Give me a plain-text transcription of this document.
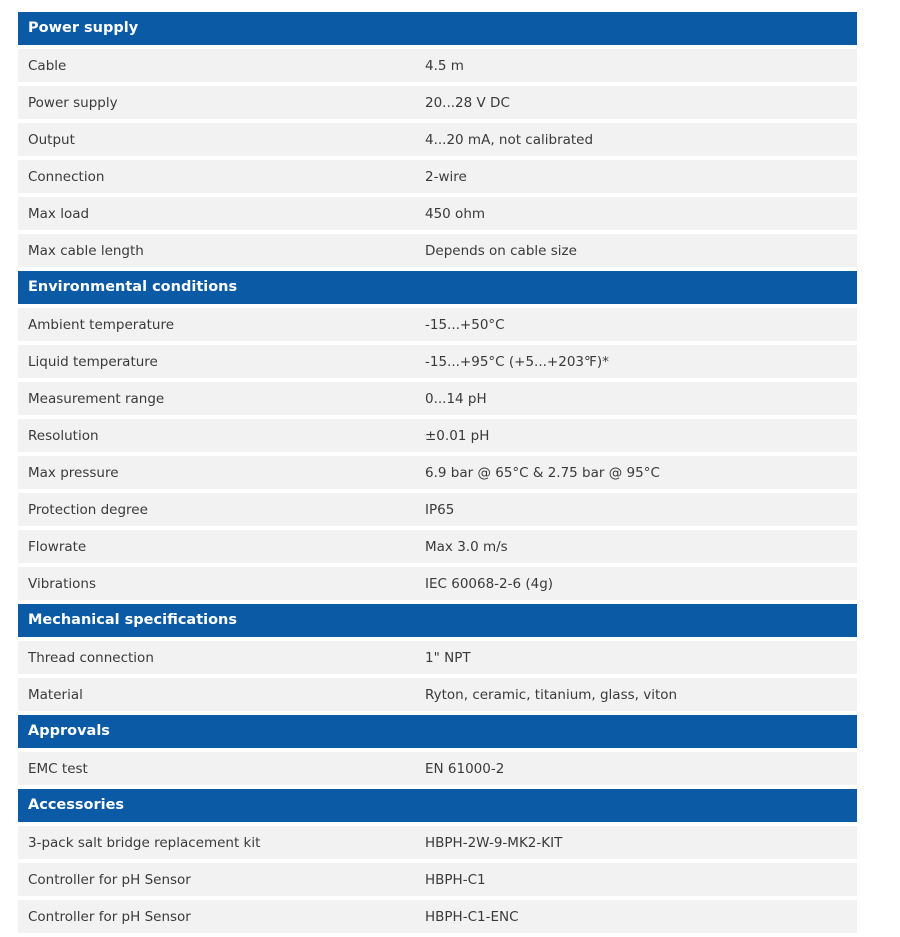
Power supply
Cable	4.5 m
Power supply	20...28 V DC
Output	4...20 mA, not calibrated
Connection	2-wire
Max load	450 ohm
Max cable length	Depends on cable size
Environmental conditions
Ambient temperature	-15...+50°C
Liquid temperature	-15...+95°C (+5...+203℉)*
Measurement range	0...14 pH
Resolution	±0.01 pH
Max pressure	6.9 bar @ 65°C & 2.75 bar @ 95°C
Protection degree	IP65
Flowrate	Max 3.0 m/s
Vibrations	IEC 60068-2-6 (4g)
Mechanical specifications
Thread connection	1" NPT
Material	Ryton, ceramic, titanium, glass, viton
Approvals
EMC test	EN 61000-2
Accessories
3-pack salt bridge replacement kit	HBPH-2W-9-MK2-KIT
Controller for pH Sensor	HBPH-C1
Controller for pH Sensor	HBPH-C1-ENC
